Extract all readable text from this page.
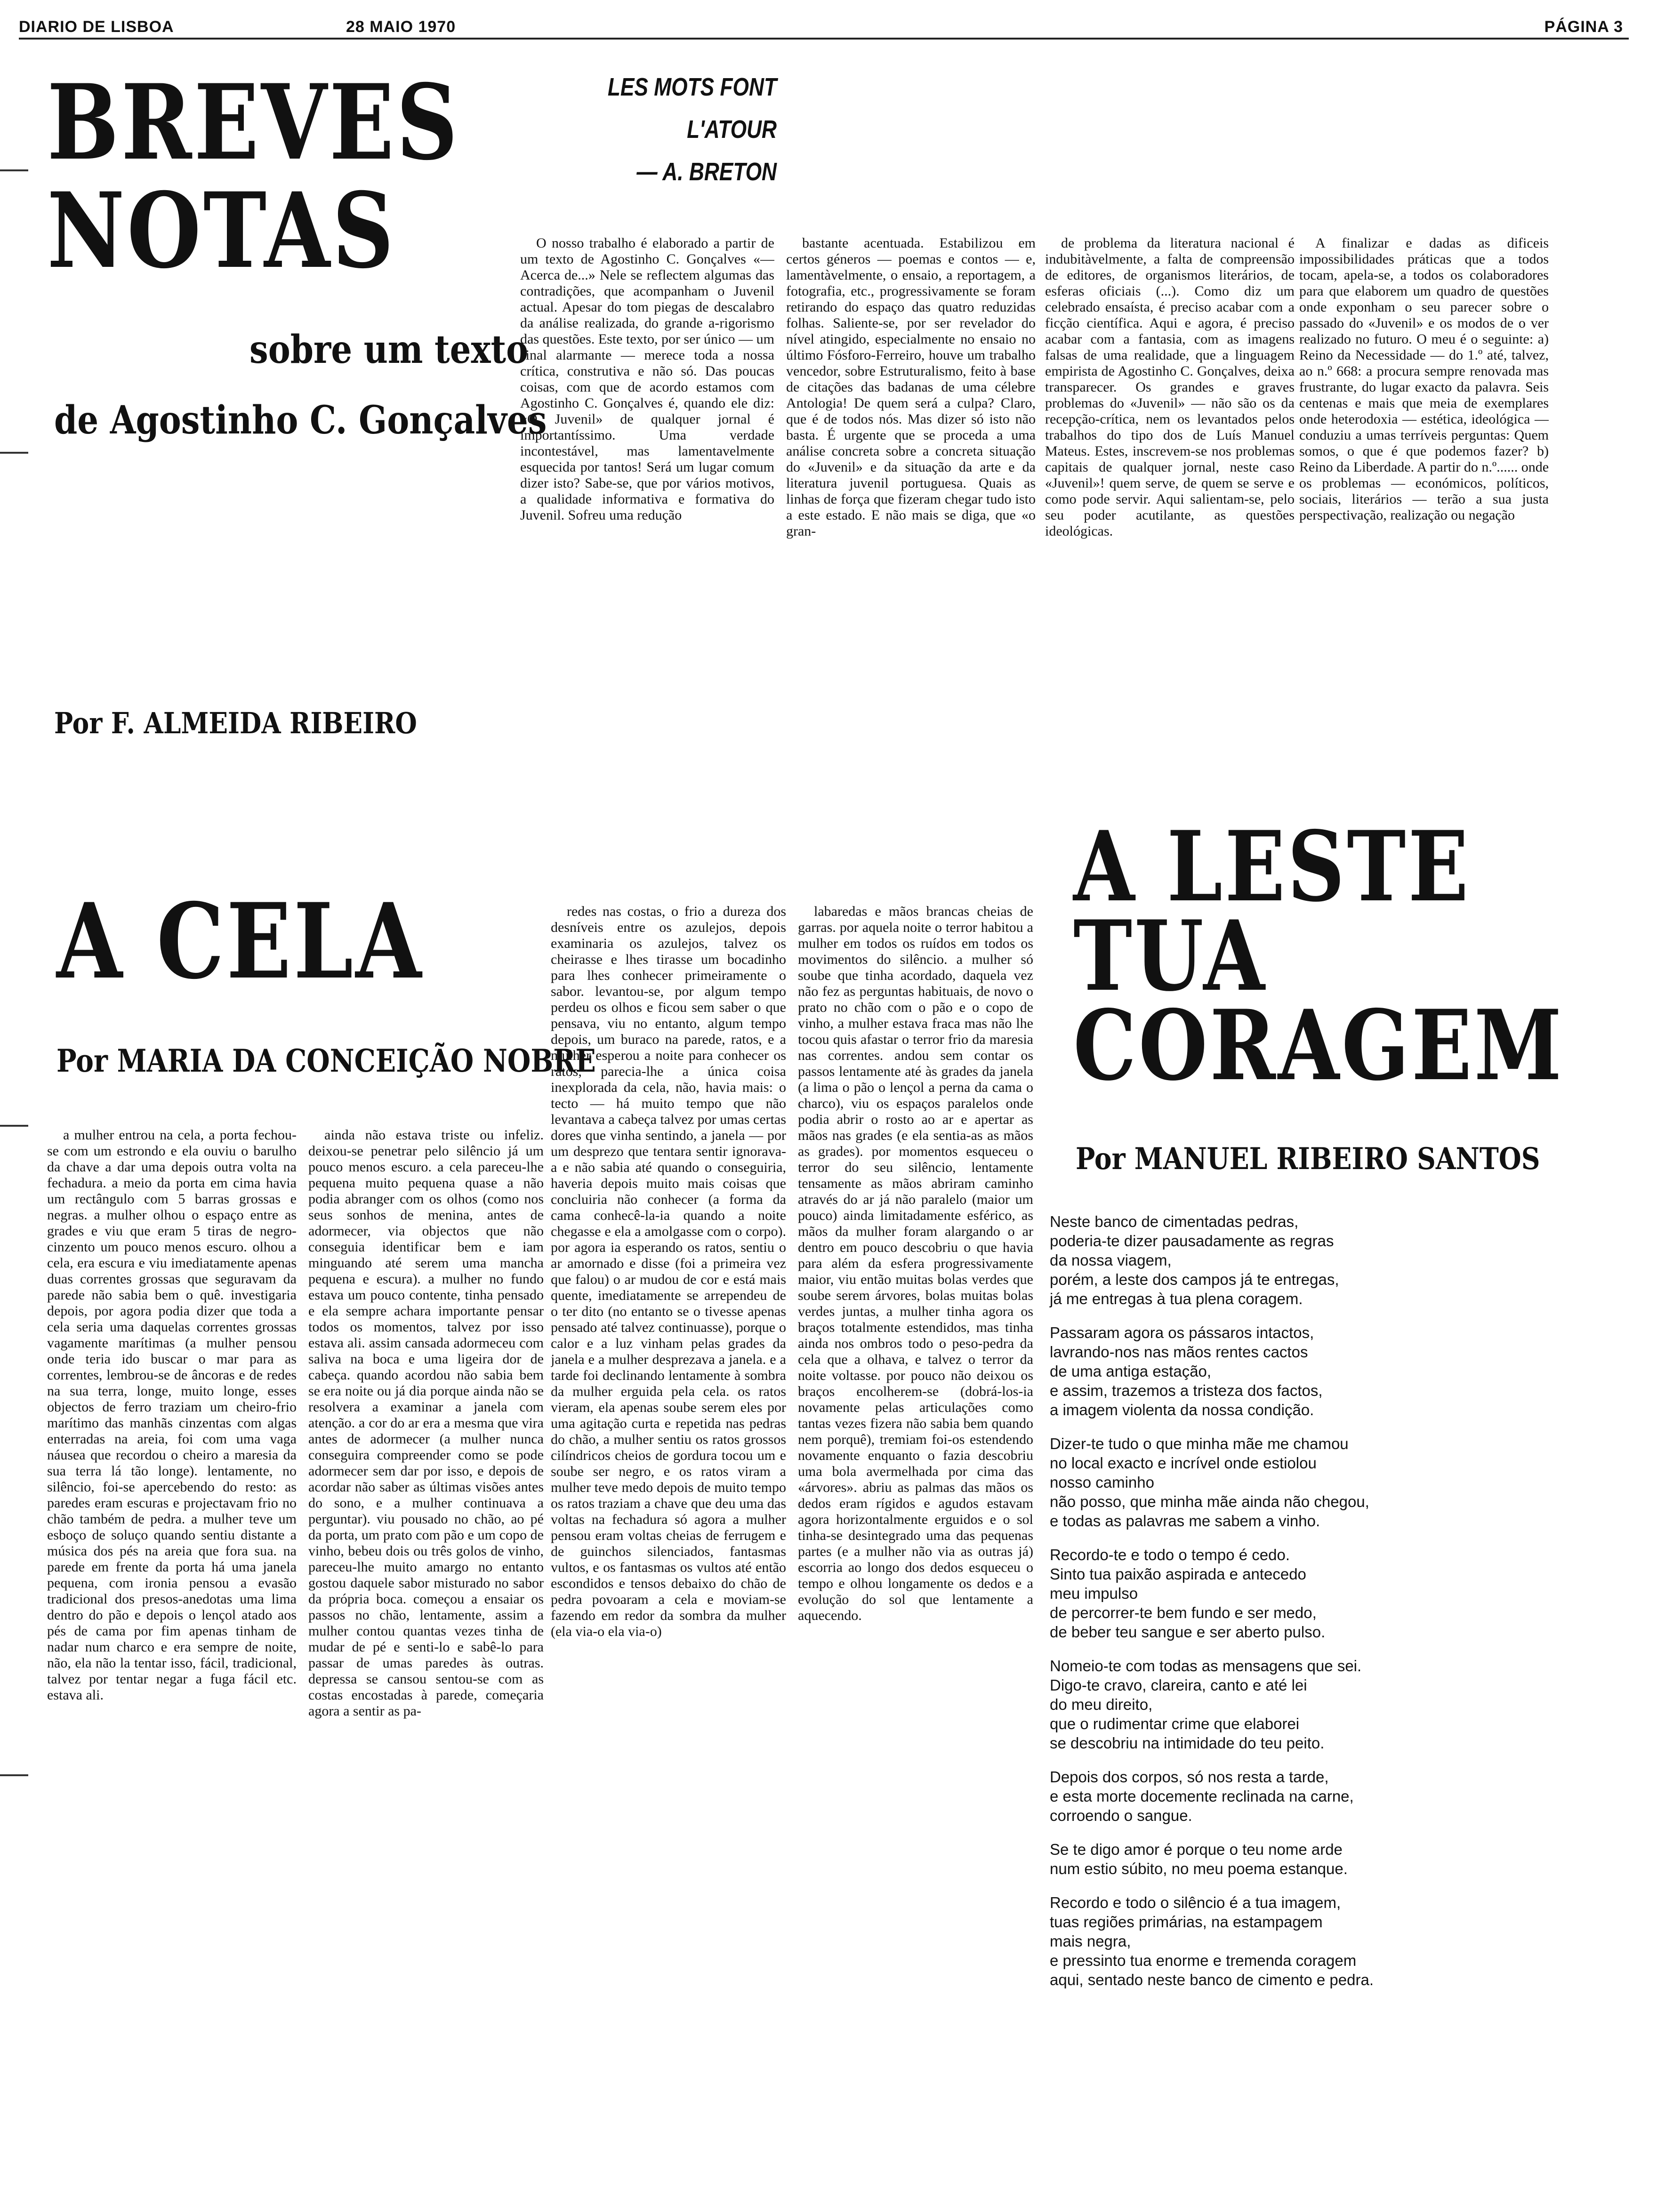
DIARIO DE LISBOA	28 MAIO 1970	PÁGINA 3
BREVES
NOTAS
sobre um texto
de Agostinho C. Gonçalves
Por F. ALMEIDA RIBEIRO
LES MOTS FONT
L'ATOUR
— A. BRETON

O nosso trabalho é elaborado a partir de um texto de Agostinho C. Gonçalves «— Acerca de...» Nele se reflectem algumas das contradições, que acompanham o Juvenil actual. Apesar do tom piegas de descalabro da análise realizada, do grande a-rigorismo das questões. Este texto, por ser único — um sinal alarmante — merece toda a nossa crítica, construtiva e não só. Das poucas coisas, com que de acordo estamos com Agostinho C. Gonçalves é, quando ele diz: «O Juvenil» de qualquer jornal é importantíssimo. Uma verdade incontestável, mas lamentavelmente esquecida por tantos! Será um lugar comum dizer isto? Sabe-se, que por vários motivos, a qualidade informativa e formativa do Juvenil. Sofreu uma redução

bastante acentuada. Estabilizou em certos géneros — poemas e contos — e, lamentàvelmente, o ensaio, a reportagem, a fotografia, etc., progressivamente se foram retirando do espaço das quatro reduzidas folhas. Saliente-se, por ser revelador do nível atingido, especialmente no ensaio no último Fósforo-Ferreiro, houve um trabalho vencedor, sobre Estruturalismo, feito à base de citações das badanas de uma célebre Antologia! De quem será a culpa? Claro, que é de todos nós. Mas dizer só isto não basta. É urgente que se proceda a uma análise concreta sobre a concreta situação do «Juvenil» e da situação da arte e da literatura juvenil portuguesa. Quais as linhas de força que fizeram chegar tudo isto a este estado. E não mais se diga, que «o gran-

de problema da literatura nacional é indubitàvelmente, a falta de compreensão de editores, de organismos literários, de esferas oficiais (...). Como diz um celebrado ensaísta, é preciso acabar com a ficção científica. Aqui e agora, é preciso acabar com a fantasia, com as imagens falsas de uma realidade, que a linguagem empirista de Agostinho C. Gonçalves, deixa transparecer. Os grandes e graves problemas do «Juvenil» — não são os da recepção-crítica, nem os levantados pelos trabalhos do tipo dos de Luís Manuel Mateus. Estes, inscrevem-se nos problemas capitais de qualquer jornal, neste caso «Juvenil»! quem serve, de quem se serve e como pode servir. Aqui salientam-se, pelo seu poder acutilante, as questões ideológicas.

A finalizar e dadas as dificeis impossibilidades práticas que a todos tocam, apela-se, a todos os colaboradores para que elaborem um quadro de questões onde exponham o seu parecer sobre o passado do «Juvenil» e os modos de o ver realizado no futuro. O meu é o seguinte: a) Reino da Necessidade — do 1.º até, talvez, ao n.º 668: a procura sempre renovada mas frustrante, do lugar exacto da palavra. Seis centenas e mais que meia de exemplares onde heterodoxia — estética, ideológica — conduziu a umas terríveis perguntas: Quem somos, o que é que podemos fazer? b) Reino da Liberdade. A partir do n.º...... onde os problemas — económicos, políticos, sociais, literários — terão a sua justa perspectivação, realização ou negação

A CELA
Por MARIA DA CONCEIÇÃO NOBRE

a mulher entrou na cela, a porta fechou-se com um estrondo e ela ouviu o barulho da chave a dar uma depois outra volta na fechadura. a meio da porta em cima havia um rectângulo com 5 barras grossas e negras. a mulher olhou o espaço entre as grades e viu que eram 5 tiras de negro-cinzento um pouco menos escuro. olhou a cela, era escura e viu imediatamente apenas duas correntes grossas que seguravam da parede não sabia bem o quê. investigaria depois, por agora podia dizer que toda a cela seria uma daquelas correntes grossas vagamente marítimas (a mulher pensou onde teria ido buscar o mar para as correntes, lembrou-se de âncoras e de redes na sua terra, longe, muito longe, esses objectos de ferro traziam um cheiro-frio marítimo das manhãs cinzentas com algas enterradas na areia, foi com uma vaga náusea que recordou o cheiro a maresia da sua terra lá tão longe). lentamente, no silêncio, foi-se apercebendo do resto: as paredes eram escuras e projectavam frio no chão também de pedra. a mulher teve um esboço de soluço quando sentiu distante a música dos pés na areia que fora sua. na parede em frente da porta há uma janela pequena, com ironia pensou a evasão tradicional dos presos-anedotas uma lima dentro do pão e depois o lençol atado aos pés de cama por fim apenas tinham de nadar num charco e era sempre de noite, não, ela não la tentar isso, fácil, tradicional, talvez por tentar negar a fuga fácil etc. estava ali.

ainda não estava triste ou infeliz. deixou-se penetrar pelo silêncio já um pouco menos escuro. a cela pareceu-lhe pequena muito pequena quase a não podia abranger com os olhos (como nos seus sonhos de menina, antes de adormecer, via objectos que não conseguia identificar bem e iam minguando até serem uma mancha pequena e escura). a mulher no fundo estava um pouco contente, tinha pensado e ela sempre achara importante pensar todos os momentos, talvez por isso estava ali. assim cansada adormeceu com saliva na boca e uma ligeira dor de cabeça. quando acordou não sabia bem se era noite ou já dia porque ainda não se resolvera a examinar a janela com atenção. a cor do ar era a mesma que vira antes de adormecer (a mulher nunca conseguira compreender como se pode adormecer sem dar por isso, e depois de acordar não saber as últimas visões antes do sono, e a mulher continuava a perguntar). viu pousado no chão, ao pé da porta, um prato com pão e um copo de vinho, bebeu dois ou três golos de vinho, pareceu-lhe muito amargo no entanto gostou daquele sabor misturado no sabor da própria boca. começou a ensaiar os passos no chão, lentamente, assim a mulher contou quantas vezes tinha de mudar de pé e senti-lo e sabê-lo para passar de umas paredes às outras. depressa se cansou sentou-se com as costas encostadas à parede, começaria agora a sentir as pa-

redes nas costas, o frio a dureza dos desníveis entre os azulejos, depois examinaria os azulejos, talvez os cheirasse e lhes tirasse um bocadinho para lhes conhecer primeiramente o sabor. levantou-se, por algum tempo perdeu os olhos e ficou sem saber o que pensava, viu no entanto, algum tempo depois, um buraco na parede, ratos, e a mulher esperou a noite para conhecer os ratos, parecia-lhe a única coisa inexplorada da cela, não, havia mais: o tecto — há muito tempo que não levantava a cabeça talvez por umas certas dores que vinha sentindo, a janela — por um desprezo que tentara sentir ignorava-a e não sabia até quando o conseguiria, haveria depois muito mais coisas que concluiria não conhecer (a forma da cama conhecê-la-ia quando a noite chegasse e ela a amolgasse com o corpo). por agora ia esperando os ratos, sentiu o ar amornado e disse (foi a primeira vez que falou) o ar mudou de cor e está mais quente, imediatamente se arrependeu de o ter dito (no entanto se o tivesse apenas pensado até talvez continuasse), porque o calor e a luz vinham pelas grades da janela e a mulher desprezava a janela. e a tarde foi declinando lentamente à sombra da mulher erguida pela cela. os ratos vieram, ela apenas soube serem eles por uma agitação curta e repetida nas pedras do chão, a mulher sentiu os ratos grossos cilíndricos cheios de gordura tocou um e soube ser negro, e os ratos viram a mulher teve medo depois de muito tempo os ratos traziam a chave que deu uma das voltas na fechadura só agora a mulher pensou eram voltas cheias de ferrugem e de guinchos silenciados, fantasmas vultos, e os fantasmas os vultos até então escondidos e tensos debaixo do chão de pedra povoaram a cela e moviam-se fazendo em redor da sombra da mulher (ela via-o ela via-o)

labaredas e mãos brancas cheias de garras. por aquela noite o terror habitou a mulher em todos os ruídos em todos os movimentos do silêncio. a mulher só soube que tinha acordado, daquela vez não fez as perguntas habituais, de novo o prato no chão com o pão e o copo de vinho, a mulher estava fraca mas não lhe tocou quis afastar o terror frio da maresia nas correntes. andou sem contar os passos lentamente até às grades da janela (a lima o pão o lençol a perna da cama o charco), viu os espaços paralelos onde podia abrir o rosto ao ar e apertar as mãos nas grades (e ela sentia-as as mãos as grades). por momentos esqueceu o terror do seu silêncio, lentamente tensamente as mãos abriram caminho através do ar já não paralelo (maior um pouco) ainda limitadamente esférico, as mãos da mulher foram alargando o ar dentro em pouco descobriu o que havia para além da esfera progressivamente maior, viu então muitas bolas verdes que soube serem árvores, bolas muitas bolas verdes juntas, a mulher tinha agora os braços totalmente estendidos, mas tinha ainda nos ombros todo o peso-pedra da cela que a olhava, e talvez o terror da noite voltasse. por pouco não deixou os braços encolherem-se (dobrá-los-ia novamente pelas articulações como tantas vezes fizera não sabia bem quando nem porquê), tremiam foi-os estendendo novamente enquanto o fazia descobriu uma bola avermelhada por cima das «árvores». abriu as palmas das mãos os dedos eram rígidos e agudos estavam agora horizontalmente erguidos e o sol tinha-se desintegrado uma das pequenas partes (e a mulher não via as outras já) escorria ao longo dos dedos esqueceu o tempo e olhou longamente os dedos e a evolução do sol que lentamente a aquecendo.

A LESTE
TUA
CORAGEM
Por MANUEL RIBEIRO SANTOS
Neste banco de cimentadas pedras,
poderia-te dizer pausadamente as regras
da nossa viagem,
porém, a leste dos campos já te entregas,
já me entregas à tua plena coragem.
Passaram agora os pássaros intactos,
lavrando-nos nas mãos rentes cactos
de uma antiga estação,
e assim, trazemos a tristeza dos factos,
a imagem violenta da nossa condição.
Dizer-te tudo o que minha mãe me chamou
no local exacto e incrível onde estiolou
nosso caminho
não posso, que minha mãe ainda não chegou,
e todas as palavras me sabem a vinho.
Recordo-te e todo o tempo é cedo.
Sinto tua paixão aspirada e antecedo
meu impulso
de percorrer-te bem fundo e ser medo,
de beber teu sangue e ser aberto pulso.
Nomeio-te com todas as mensagens que sei.
Digo-te cravo, clareira, canto e até lei
do meu direito,
que o rudimentar crime que elaborei
se descobriu na intimidade do teu peito.
Depois dos corpos, só nos resta a tarde,
e esta morte docemente reclinada na carne,
corroendo o sangue.
Se te digo amor é porque o teu nome arde
num estio súbito, no meu poema estanque.
Recordo e todo o silêncio é a tua imagem,
tuas regiões primárias, na estampagem
mais negra,
e pressinto tua enorme e tremenda coragem
aqui, sentado neste banco de cimento e pedra.
